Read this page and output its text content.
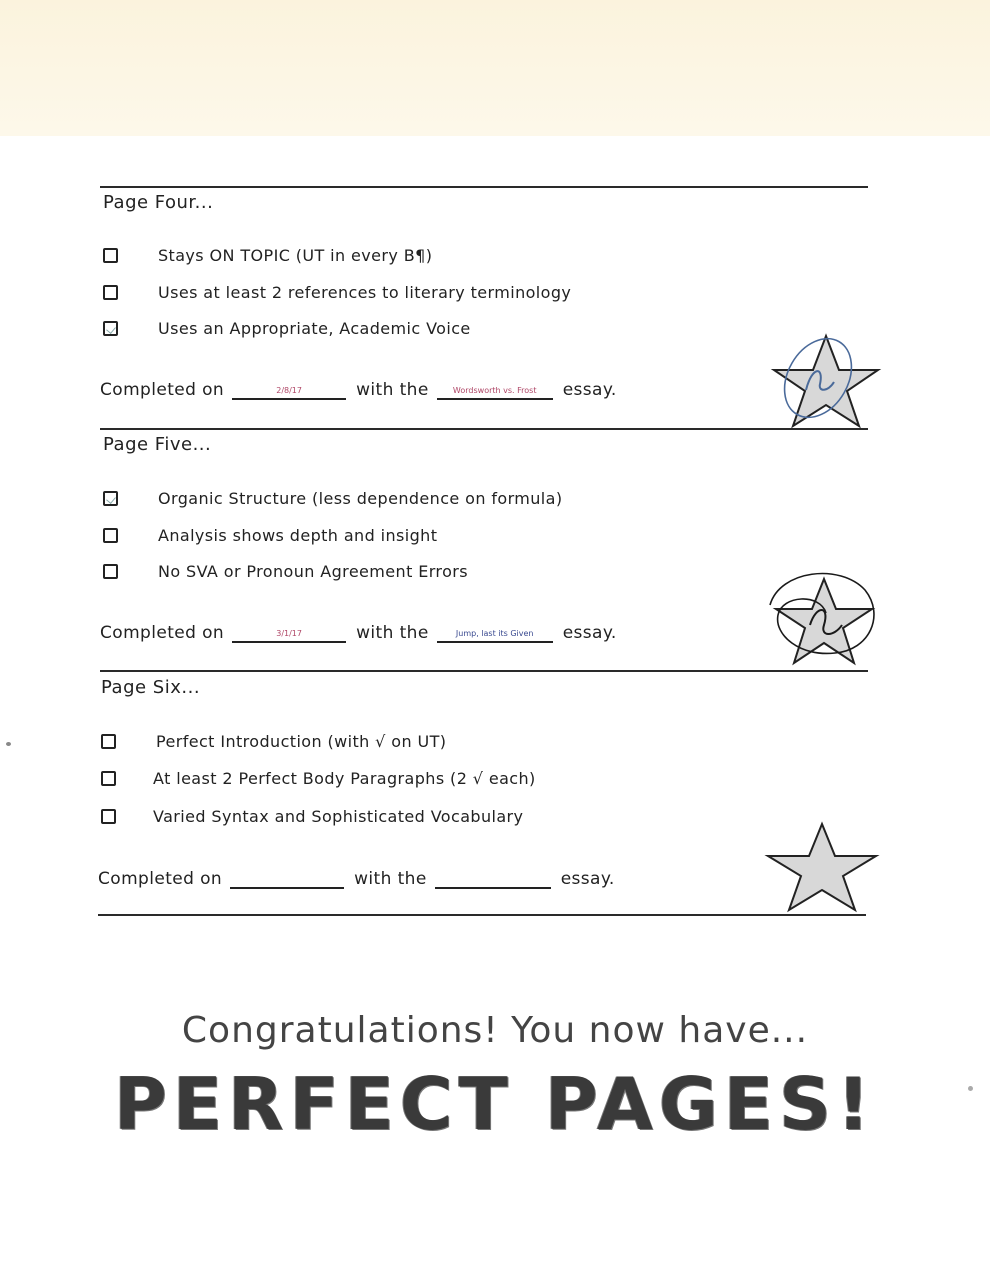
Page Four...
Stays ON TOPIC (UT in every B¶)
Uses at least 2 references to literary terminology
Uses an Appropriate, Academic Voice
Completed on	2/8/17	with the	Wordsworth vs. Frost	essay.
Page Five...
Organic Structure (less dependence on formula)
Analysis shows depth and insight
No SVA or Pronoun Agreement Errors
Completed on	3/1/17	with the	Jump, last its Given	essay.
Page Six...
Perfect Introduction (with √ on UT)
At least 2 Perfect Body Paragraphs (2 √ each)
Varied Syntax and Sophisticated Vocabulary
Completed on	with the	essay.
Congratulations! You now have...
PERFECT PAGES!
